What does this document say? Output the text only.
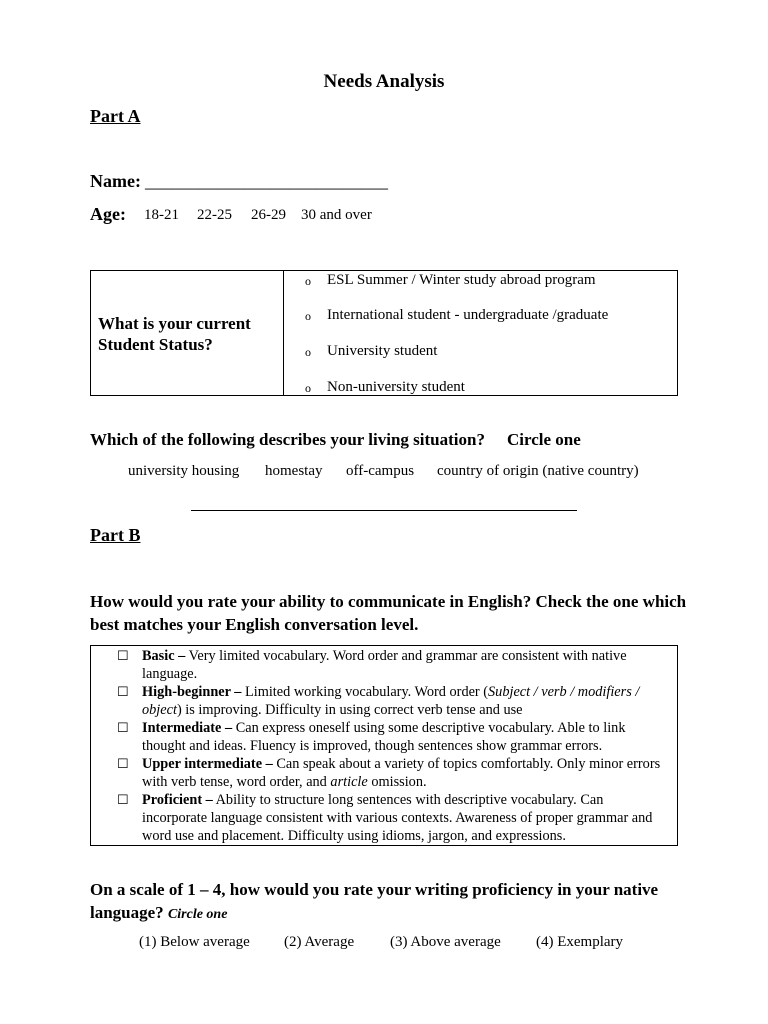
Needs Analysis
Part A
Name: ___________________________
Age: 18-21 22-25 26-29 30 and over
What is your current Student Status?
o ESL Summer / Winter study abroad program
o International student - undergraduate /graduate
o University student
o Non-university student
Which of the following describes your living situation? Circle one
university housing homestay off-campus country of origin (native country)
Part B
How would you rate your ability to communicate in English? Check the one which best matches your English conversation level.
☐ Basic – Very limited vocabulary. Word order and grammar are consistent with native language.
☐ High-beginner – Limited working vocabulary. Word order (Subject / verb / modifiers / object) is improving. Difficulty in using correct verb tense and use
☐ Intermediate – Can express oneself using some descriptive vocabulary. Able to link thought and ideas. Fluency is improved, though sentences show grammar errors.
☐ Upper intermediate – Can speak about a variety of topics comfortably. Only minor errors with verb tense, word order, and article omission.
☐ Proficient – Ability to structure long sentences with descriptive vocabulary. Can incorporate language consistent with various contexts. Awareness of proper grammar and word use and placement. Difficulty using idioms, jargon, and expressions.
On a scale of 1 – 4, how would you rate your writing proficiency in your native language? Circle one
(1) Below average (2) Average (3) Above average (4) Exemplary
